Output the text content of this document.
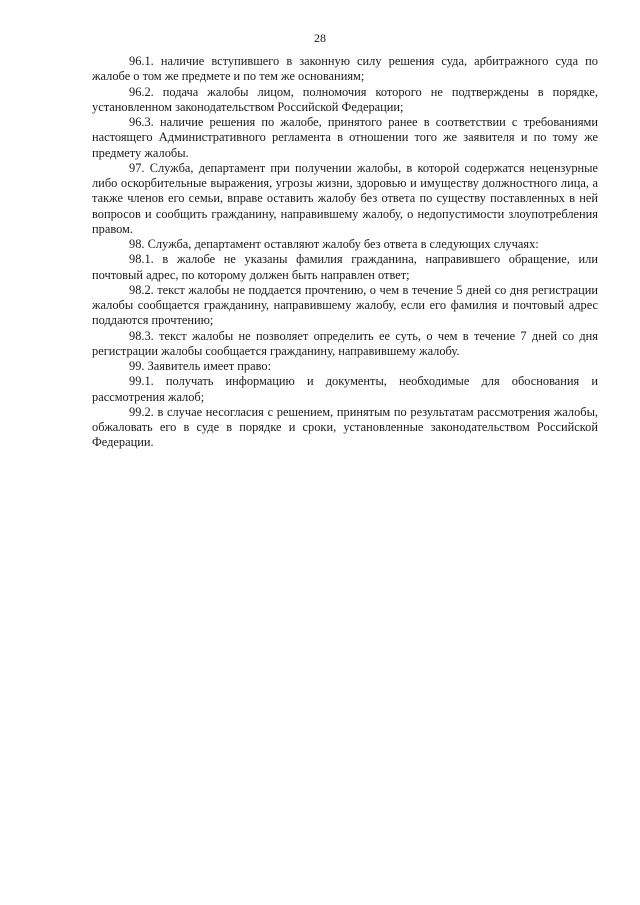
28

96.1. наличие вступившего в законную силу решения суда, арбитражного суда по жалобе о том же предмете и по тем же основаниям;

96.2. подача жалобы лицом, полномочия которого не подтверждены в порядке, установленном законодательством Российской Федерации;

96.3. наличие решения по жалобе, принятого ранее в соответствии с требованиями настоящего Административного регламента в отношении того же заявителя и по тому же предмету жалобы.

97. Служба, департамент при получении жалобы, в которой содержатся нецензурные либо оскорбительные выражения, угрозы жизни, здоровью и имуществу должностного лица, а также членов его семьи, вправе оставить жалобу без ответа по существу поставленных в ней вопросов и сообщить гражданину, направившему жалобу, о недопустимости злоупотребления правом.

98. Служба, департамент оставляют жалобу без ответа в следующих случаях:

98.1. в жалобе не указаны фамилия гражданина, направившего обращение, или почтовый адрес, по которому должен быть направлен ответ;

98.2. текст жалобы не поддается прочтению, о чем в течение 5 дней со дня регистрации жалобы сообщается гражданину, направившему жалобу, если его фамилия и почтовый адрес поддаются прочтению;

98.3. текст жалобы не позволяет определить ее суть, о чем в течение 7 дней со дня регистрации жалобы сообщается гражданину, направившему жалобу.

99. Заявитель имеет право:

99.1. получать информацию и документы, необходимые для обоснования и рассмотрения жалоб;

99.2. в случае несогласия с решением, принятым по результатам рассмотрения жалобы, обжаловать его в суде в порядке и сроки, установленные законодательством Российской Федерации.
